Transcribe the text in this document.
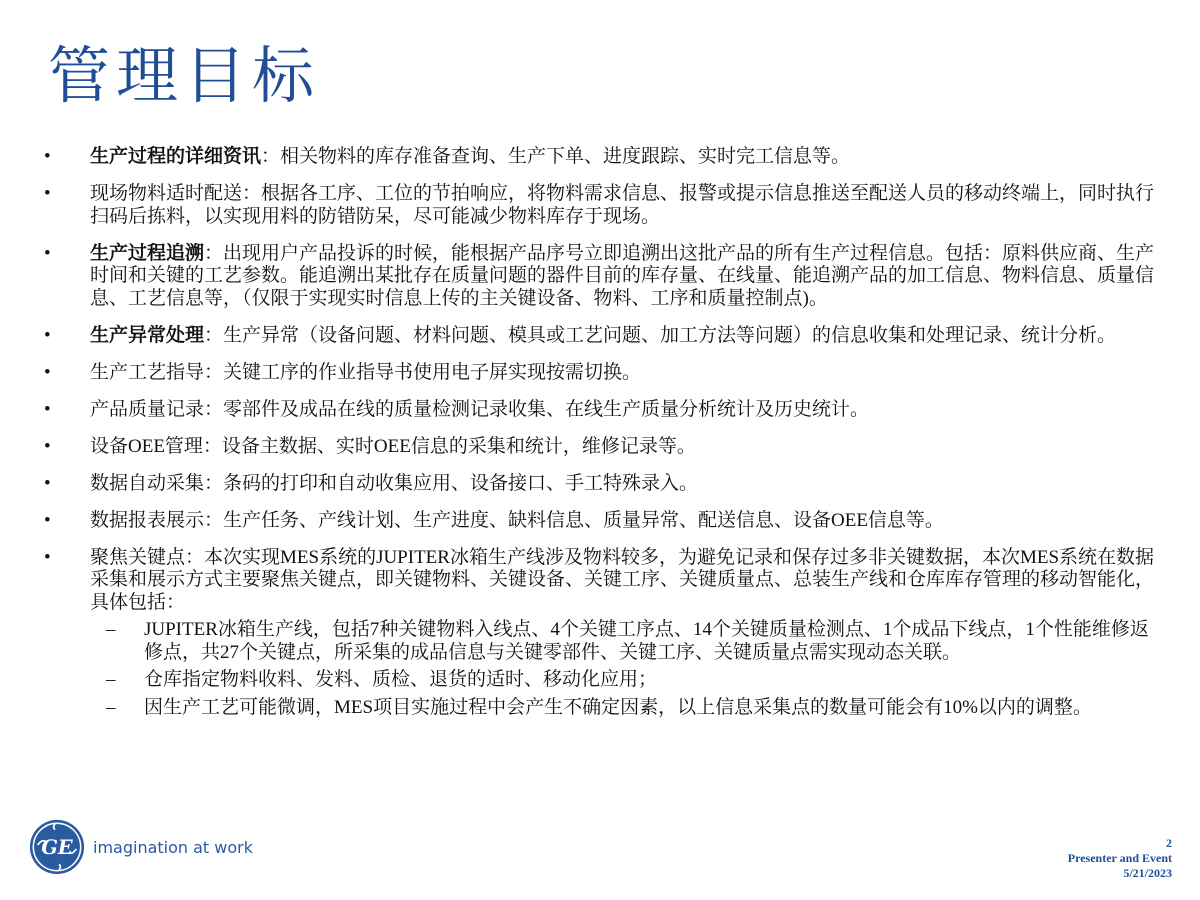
管理目标
• 生产过程的详细资讯：相关物料的库存准备查询、生产下单、进度跟踪、实时完工信息等。
• 现场物料适时配送：根据各工序、工位的节拍响应，将物料需求信息、报警或提示信息推送至配送人员的移动终端上，同时执行扫码后拣料，以实现用料的防错防呆，尽可能减少物料库存于现场。
• 生产过程追溯：出现用户产品投诉的时候，能根据产品序号立即追溯出这批产品的所有生产过程信息。包括：原料供应商、生产时间和关键的工艺参数。能追溯出某批存在质量问题的器件目前的库存量、在线量、能追溯产品的加工信息、物料信息、质量信息、工艺信息等，（仅限于实现实时信息上传的主关键设备、物料、工序和质量控制点)。
• 生产异常处理：生产异常（设备问题、材料问题、模具或工艺问题、加工方法等问题）的信息收集和处理记录、统计分析。
• 生产工艺指导：关键工序的作业指导书使用电子屏实现按需切换。
• 产品质量记录：零部件及成品在线的质量检测记录收集、在线生产质量分析统计及历史统计。
• 设备OEE管理：设备主数据、实时OEE信息的采集和统计，维修记录等。
• 数据自动采集：条码的打印和自动收集应用、设备接口、手工特殊录入。
• 数据报表展示：生产任务、产线计划、生产进度、缺料信息、质量异常、配送信息、设备OEE信息等。
• 聚焦关键点：本次实现MES系统的JUPITER冰箱生产线涉及物料较多，为避免记录和保存过多非关键数据，本次MES系统在数据采集和展示方式主要聚焦关键点，即关键物料、关键设备、关键工序、关键质量点、总装生产线和仓库库存管理的移动智能化，具体包括：
– JUPITER冰箱生产线，包括7种关键物料入线点、4个关键工序点、14个关键质量检测点、1个成品下线点，1个性能维修返修点，共27个关键点，所采集的成品信息与关键零部件、关键工序、关键质量点需实现动态关联。
– 仓库指定物料收料、发料、质检、退货的适时、移动化应用；
– 因生产工艺可能微调，MES项目实施过程中会产生不确定因素，以上信息采集点的数量可能会有10%以内的调整。
GE imagination at work	2
Presenter and Event
5/21/2023
